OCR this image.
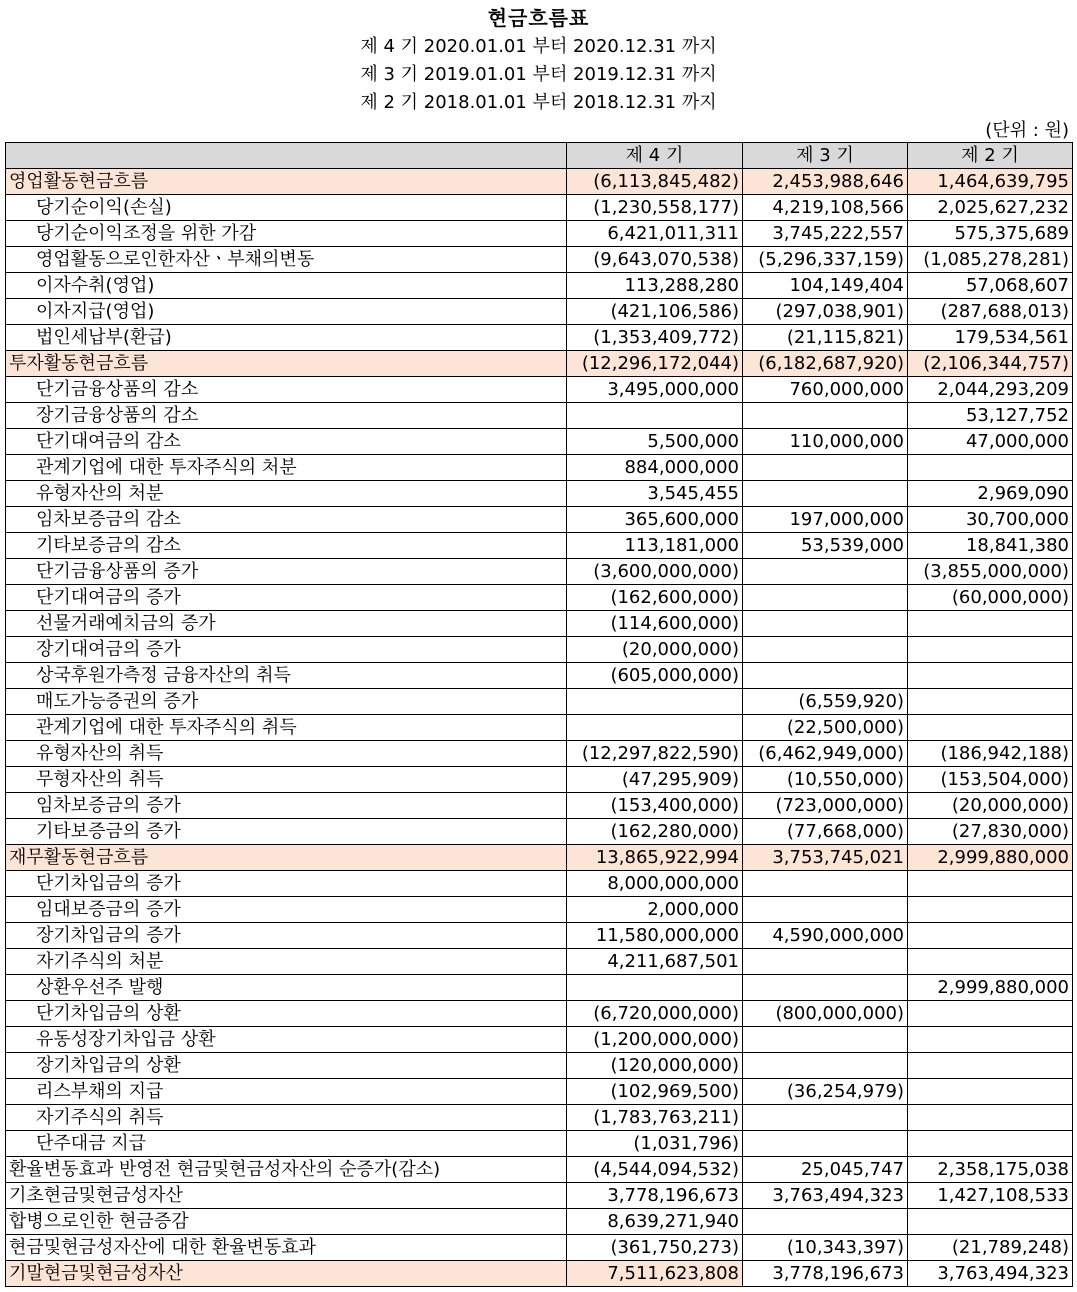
현금흐름표
제 4 기 2020.01.01 부터 2020.12.31 까지
제 3 기 2019.01.01 부터 2019.12.31 까지
제 2 기 2018.01.01 부터 2018.12.31 까지
(단위 : 원)
	제 4 기	제 3 기	제 2 기
영업활동현금흐름	(6,113,845,482)	2,453,988,646	1,464,639,795
당기순이익(손실)	(1,230,558,177)	4,219,108,566	2,025,627,232
당기순이익조정을 위한 가감	6,421,011,311	3,745,222,557	575,375,689
영업활동으로인한자산ㆍ부채의변동	(9,643,070,538)	(5,296,337,159)	(1,085,278,281)
이자수취(영업)	113,288,280	104,149,404	57,068,607
이자지급(영업)	(421,106,586)	(297,038,901)	(287,688,013)
법인세납부(환급)	(1,353,409,772)	(21,115,821)	179,534,561
투자활동현금흐름	(12,296,172,044)	(6,182,687,920)	(2,106,344,757)
단기금융상품의 감소	3,495,000,000	760,000,000	2,044,293,209
장기금융상품의 감소			53,127,752
단기대여금의 감소	5,500,000	110,000,000	47,000,000
관계기업에 대한 투자주식의 처분	884,000,000		
유형자산의 처분	3,545,455		2,969,090
임차보증금의 감소	365,600,000	197,000,000	30,700,000
기타보증금의 감소	113,181,000	53,539,000	18,841,380
단기금융상품의 증가	(3,600,000,000)		(3,855,000,000)
단기대여금의 증가	(162,600,000)		(60,000,000)
선물거래예치금의 증가	(114,600,000)		
장기대여금의 증가	(20,000,000)		
상국후원가측정 금융자산의 취득	(605,000,000)		
매도가능증권의 증가		(6,559,920)	
관계기업에 대한 투자주식의 취득		(22,500,000)	
유형자산의 취득	(12,297,822,590)	(6,462,949,000)	(186,942,188)
무형자산의 취득	(47,295,909)	(10,550,000)	(153,504,000)
임차보증금의 증가	(153,400,000)	(723,000,000)	(20,000,000)
기타보증금의 증가	(162,280,000)	(77,668,000)	(27,830,000)
재무활동현금흐름	13,865,922,994	3,753,745,021	2,999,880,000
단기차입금의 증가	8,000,000,000		
임대보증금의 증가	2,000,000		
장기차입금의 증가	11,580,000,000	4,590,000,000	
자기주식의 처분	4,211,687,501		
상환우선주 발행			2,999,880,000
단기차입금의 상환	(6,720,000,000)	(800,000,000)	
유동성장기차입금 상환	(1,200,000,000)		
장기차입금의 상환	(120,000,000)		
리스부채의 지급	(102,969,500)	(36,254,979)	
자기주식의 취득	(1,783,763,211)		
단주대금 지급	(1,031,796)		
환율변동효과 반영전 현금및현금성자산의 순증가(감소)	(4,544,094,532)	25,045,747	2,358,175,038
기초현금및현금성자산	3,778,196,673	3,763,494,323	1,427,108,533
합병으로인한 현금증감	8,639,271,940		
현금및현금성자산에 대한 환율변동효과	(361,750,273)	(10,343,397)	(21,789,248)
기말현금및현금성자산	7,511,623,808	3,778,196,673	3,763,494,323
